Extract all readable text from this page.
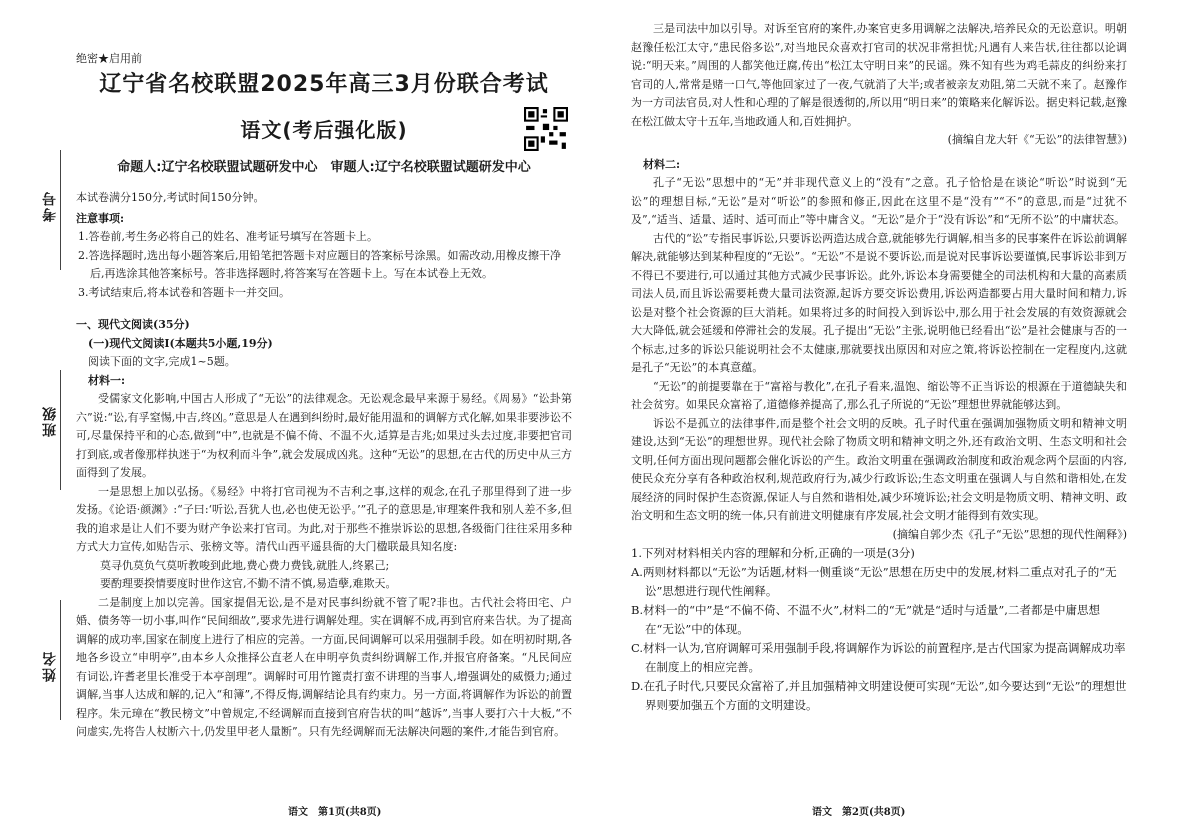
考号
班级
姓名
绝密★启用前
辽宁省名校联盟2025年高三3月份联合考试
语文(考后强化版)
命题人:辽宁名校联盟试题研发中心　审题人:辽宁名校联盟试题研发中心
本试卷满分150分,考试时间150分钟。
注意事项:
1.答卷前,考生务必将自己的姓名、准考证号填写在答题卡上。
2.答选择题时,选出每小题答案后,用铅笔把答题卡对应题目的答案标号涂黑。如需改动,用橡皮擦干净后,再选涂其他答案标号。答非选择题时,将答案写在答题卡上。写在本试卷上无效。
3.考试结束后,将本试卷和答题卡一并交回。
一、现代文阅读(35分)
(一)现代文阅读Ⅰ(本题共5小题,19分)
阅读下面的文字,完成1~5题。
材料一:
受儒家文化影响,中国古人形成了“无讼”的法律观念。无讼观念最早来源于易经。《周易》“讼卦第六”说:“讼,有孚窒惕,中吉,终凶。”意思是人在遇到纠纷时,最好能用温和的调解方式化解,如果非要涉讼不可,尽量保持平和的心态,做到“中”,也就是不偏不倚、不温不火,适算是吉兆;如果过头去过度,非要把官司打到底,或者像那样执迷于“为权利而斗争”,就会发展成凶兆。这种“无讼”的思想,在古代的历史中从三方面得到了发展。
一是思想上加以弘扬。《易经》中将打官司视为不吉利之事,这样的观念,在孔子那里得到了进一步发扬。《论语·颜渊》:“子曰:‘听讼,吾犹人也,必也使无讼乎。’”孔子的意思是,审理案件我和别人差不多,但我的追求是让人们不要为财产争讼来打官司。为此,对于那些不推崇诉讼的思想,各级衙门往往采用多种方式大力宣传,如贴告示、张榜文等。清代山西平遥县衙的大门楹联最具知名度:
莫寻仇莫负气莫听教唆到此地,费心费力费钱,就胜人,终累己;
要酌理要揆情要度时世作这官,不勤不清不慎,易造孽,难欺天。
二是制度上加以完善。国家提倡无讼,是不是对民事纠纷就不管了呢?非也。古代社会将田宅、户婚、债务等一切小事,叫作“民间细故”,要求先进行调解处理。实在调解不成,再到官府来告状。为了提高调解的成功率,国家在制度上进行了相应的完善。一方面,民间调解可以采用强制手段。如在明初时期,各地各乡设立“申明亭”,由本乡人众推择公直老人在申明亭负责纠纷调解工作,并报官府备案。“凡民间应有词讼,许耆老里长准受于本亭剖理”。调解时可用竹篦责打蛮不讲理的当事人,增强调处的威慑力;通过调解,当事人达成和解的,记入“和簿”,不得反悔,调解结论具有约束力。另一方面,将调解作为诉讼的前置程序。朱元璋在“教民榜文”中曾规定,不经调解而直接到官府告状的叫“越诉”,当事人要打六十大板,“不问虚实,先将告人杖断六十,仍发里甲老人量断”。只有先经调解而无法解决问题的案件,才能告到官府。
三是司法中加以引导。对诉至官府的案件,办案官吏多用调解之法解决,培养民众的无讼意识。明朝赵豫任松江太守,“患民俗多讼”,对当地民众喜欢打官司的状况非常担忧;凡遇有人来告状,往往都以论调说:“明天来。”周围的人都笑他迂腐,传出“松江太守明日来”的民谣。殊不知有些为鸡毛蒜皮的纠纷来打官司的人,常常是赌一口气,等他回家过了一夜,气就消了大半;或者被亲友劝阻,第二天就不来了。赵豫作为一方司法官员,对人性和心理的了解是很透彻的,所以用“明日来”的策略来化解诉讼。据史料记载,赵豫在松江做太守十五年,当地政通人和,百姓拥护。
(摘编自龙大轩《“无讼”的法律智慧》)
材料二:
孔子“无讼”思想中的“无”并非现代意义上的“没有”之意。孔子恰恰是在谈论“听讼”时说到“无讼”的理想目标,“无讼”是对“听讼”的参照和修正,因此在这里不是“没有”“不”的意思,而是“过犹不及”,“适当、适量、适时、适可而止”等中庸含义。“无讼”是介于“没有诉讼”和“无所不讼”的中庸状态。
古代的“讼”专指民事诉讼,只要诉讼两造达成合意,就能够先行调解,相当多的民事案件在诉讼前调解解决,就能够达到某种程度的“无讼”。“无讼”不是说不要诉讼,而是说对民事诉讼要谨慎,民事诉讼非到万不得已不要进行,可以通过其他方式减少民事诉讼。此外,诉讼本身需要健全的司法机构和大量的高素质司法人员,而且诉讼需要耗费大量司法资源,起诉方要交诉讼费用,诉讼两造都要占用大量时间和精力,诉讼是对整个社会资源的巨大消耗。如果将过多的时间投入到诉讼中,那么用于社会发展的有效资源就会大大降低,就会延缓和停滞社会的发展。孔子提出“无讼”主张,说明他已经看出“讼”是社会健康与否的一个标志,过多的诉讼只能说明社会不太健康,那就要找出原因和对应之策,将诉讼控制在一定程度内,这就是孔子“无讼”的本真意蕴。
“无讼”的前提要靠在于“富裕与教化”,在孔子看来,温饱、缩讼等不正当诉讼的根源在于道德缺失和社会贫穷。如果民众富裕了,道德修养提高了,那么孔子所说的“无讼”理想世界就能够达到。
诉讼不是孤立的法律事件,而是整个社会文明的反映。孔子时代重在强调加强物质文明和精神文明建设,达到“无讼”的理想世界。现代社会除了物质文明和精神文明之外,还有政治文明、生态文明和社会文明,任何方面出现问题都会催化诉讼的产生。政治文明重在强调政治制度和政治观念两个层面的内容,使民众充分享有各种政治权利,规范政府行为,减少行政诉讼;生态文明重在强调人与自然和谐相处,在发展经济的同时保护生态资源,保证人与自然和谐相处,减少环境诉讼;社会文明是物质文明、精神文明、政治文明和生态文明的统一体,只有前进文明健康有序发展,社会文明才能得到有效实现。
(摘编自郭少杰《孔子“无讼”思想的现代性阐释》)
1.下列对材料相关内容的理解和分析,正确的一项是(3分)
A.两则材料都以“无讼”为话题,材料一侧重谈“无讼”思想在历史中的发展,材料二重点对孔子的“无讼”思想进行现代性阐释。
B.材料一的“中”是“不偏不倚、不温不火”,材料二的“无”就是“适时与适量”,二者都是中庸思想在“无讼”中的体现。
C.材料一认为,官府调解可采用强制手段,将调解作为诉讼的前置程序,是古代国家为提高调解成功率在制度上的相应完善。
D.在孔子时代,只要民众富裕了,并且加强精神文明建设便可实现“无讼”,如今要达到“无讼”的理想世界则要加强五个方面的文明建设。
语文　第1页(共8页)	语文　第2页(共8页)
